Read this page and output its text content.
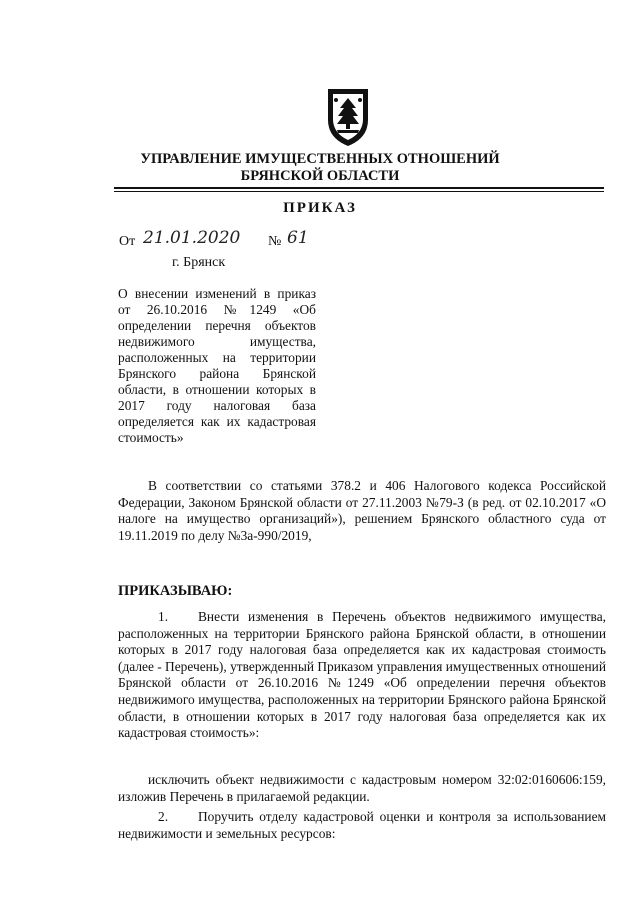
УПРАВЛЕНИЕ ИМУЩЕСТВЕННЫХ ОТНОШЕНИЙ
БРЯНСКОЙ ОБЛАСТИ
ПРИКАЗ
От 21.01.2020 № 61
г. Брянск
О внесении изменений в приказ от 26.10.2016 №1249 «Об определении перечня объектов недвижимого имущества, расположенных на территории Брянского района Брянской области, в отношении которых в 2017 году налоговая база определяется как их кадастровая стоимость»
В соответствии со статьями 378.2 и 406 Налогового кодекса Российской Федерации, Законом Брянской области от 27.11.2003 №79-З (в ред. от 02.10.2017 «О налоге на имущество организаций»), решением Брянского областного суда от 19.11.2019 по делу №3а-990/2019,
ПРИКАЗЫВАЮ:
1. Внести изменения в Перечень объектов недвижимого имущества, расположенных на территории Брянского района Брянской области, в отношении которых в 2017 году налоговая база определяется как их кадастровая стоимость (далее - Перечень), утвержденный Приказом управления имущественных отношений Брянской области от 26.10.2016 №1249 «Об определении перечня объектов недвижимого имущества, расположенных на территории Брянского района Брянской области, в отношении которых в 2017 году налоговая база определяется как их кадастровая стоимость»:
исключить объект недвижимости с кадастровым номером 32:02:0160606:159, изложив Перечень в прилагаемой редакции.
2. Поручить отделу кадастровой оценки и контроля за использованием недвижимости и земельных ресурсов:
